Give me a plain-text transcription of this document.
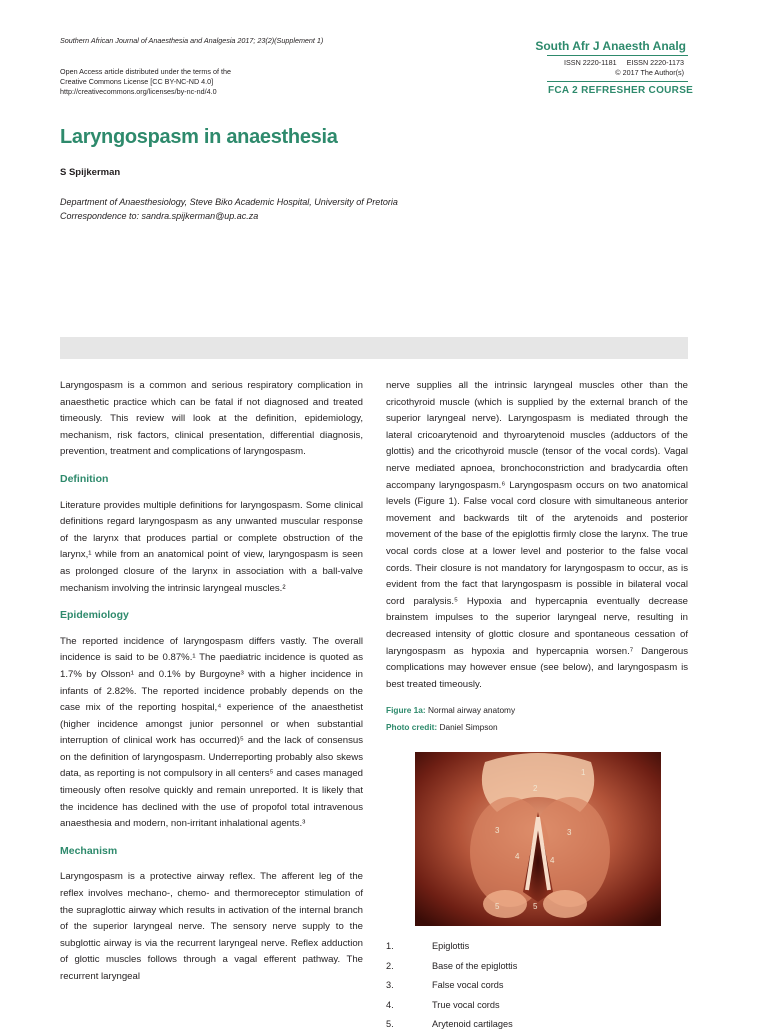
Southern African Journal of Anaesthesia and Analgesia 2017; 23(2)(Supplement 1)
Open Access article distributed under the terms of the
Creative Commons License [CC BY-NC-ND 4.0]
http://creativecommons.org/licenses/by-nc-nd/4.0
South Afr J Anaesth Analg
ISSN 2220-1181     EISSN 2220-1173
© 2017 The Author(s)
FCA 2 REFRESHER COURSE
Laryngospasm in anaesthesia
S Spijkerman
Department of Anaesthesiology, Steve Biko Academic Hospital, University of Pretoria
Correspondence to: sandra.spijkerman@up.ac.za

Laryngospasm is a common and serious respiratory complication in anaesthetic practice which can be fatal if not diagnosed and treated timeously. This review will look at the definition, epidemiology, mechanism, risk factors, clinical presentation, differential diagnosis, prevention, treatment and complications of laryngospasm.

Definition

Literature provides multiple definitions for laryngospasm. Some clinical definitions regard laryngospasm as any unwanted muscular response of the larynx that produces partial or complete obstruction of the larynx,¹ while from an anatomical point of view, laryngospasm is seen as prolonged closure of the larynx in association with a ball-valve mechanism involving the intrinsic laryngeal muscles.²

Epidemiology

The reported incidence of laryngospasm differs vastly. The overall incidence is said to be 0.87%.¹ The paediatric incidence is quoted as 1.7% by Olsson¹ and 0.1% by Burgoyne³ with a higher incidence in infants of 2.82%. The reported incidence probably depends on the case mix of the reporting hospital,⁴ experience of the anaesthetist (higher incidence amongst junior personnel or when substantial interruption of clinical work has occurred)⁵ and the lack of consensus on the definition of laryngospasm. Underreporting probably also skews data, as reporting is not compulsory in all centers⁵ and cases managed timeously often resolve quickly and remain unreported. It is likely that the incidence has declined with the use of propofol total intravenous anaesthesia and modern, non-irritant inhalational agents.³

Mechanism

Laryngospasm is a protective airway reflex. The afferent leg of the reflex involves mechano-, chemo- and thermoreceptor stimulation of the supraglottic airway which results in activation of the internal branch of the superior laryngeal nerve. The sensory nerve supply to the subglottic airway is via the recurrent laryngeal nerve. Reflex adduction of glottic muscles follows through a vagal efferent pathway. The recurrent laryngeal

nerve supplies all the intrinsic laryngeal muscles other than the cricothyroid muscle (which is supplied by the external branch of the superior laryngeal nerve). Laryngospasm is mediated through the lateral cricoarytenoid and thyroarytenoid muscles (adductors of the glottis) and the cricothyroid muscle (tensor of the vocal cords). Vagal nerve mediated apnoea, bronchoconstriction and bradycardia often accompany laryngospasm.⁶ Laryngospasm occurs on two anatomical levels (Figure 1). False vocal cord closure with simultaneous anterior movement and backwards tilt of the arytenoids and posterior movement of the base of the epiglottis firmly close the larynx. The true vocal cords close at a lower level and posterior to the false vocal cords. Their closure is not mandatory for laryngospasm to occur, as is evident from the fact that laryngospasm is possible in bilateral vocal cord paralysis.⁵ Hypoxia and hypercapnia eventually decrease brainstem impulses to the superior laryngeal nerve, resulting in decreased intensity of glottic closure and spontaneous cessation of laryngospasm as hypoxia and hypercapnia worsen.⁷ Dangerous complications may however ensue (see below), and laryngospasm is best treated timeously.

Figure 1a: Normal airway anatomy
Photo credit: Daniel Simpson
1
2
3	3
4	4
5	5
1.	Epiglottis
2.	Base of the epiglottis
3.	False vocal cords
4.	True vocal cords
5.	Arytenoid cartilages
